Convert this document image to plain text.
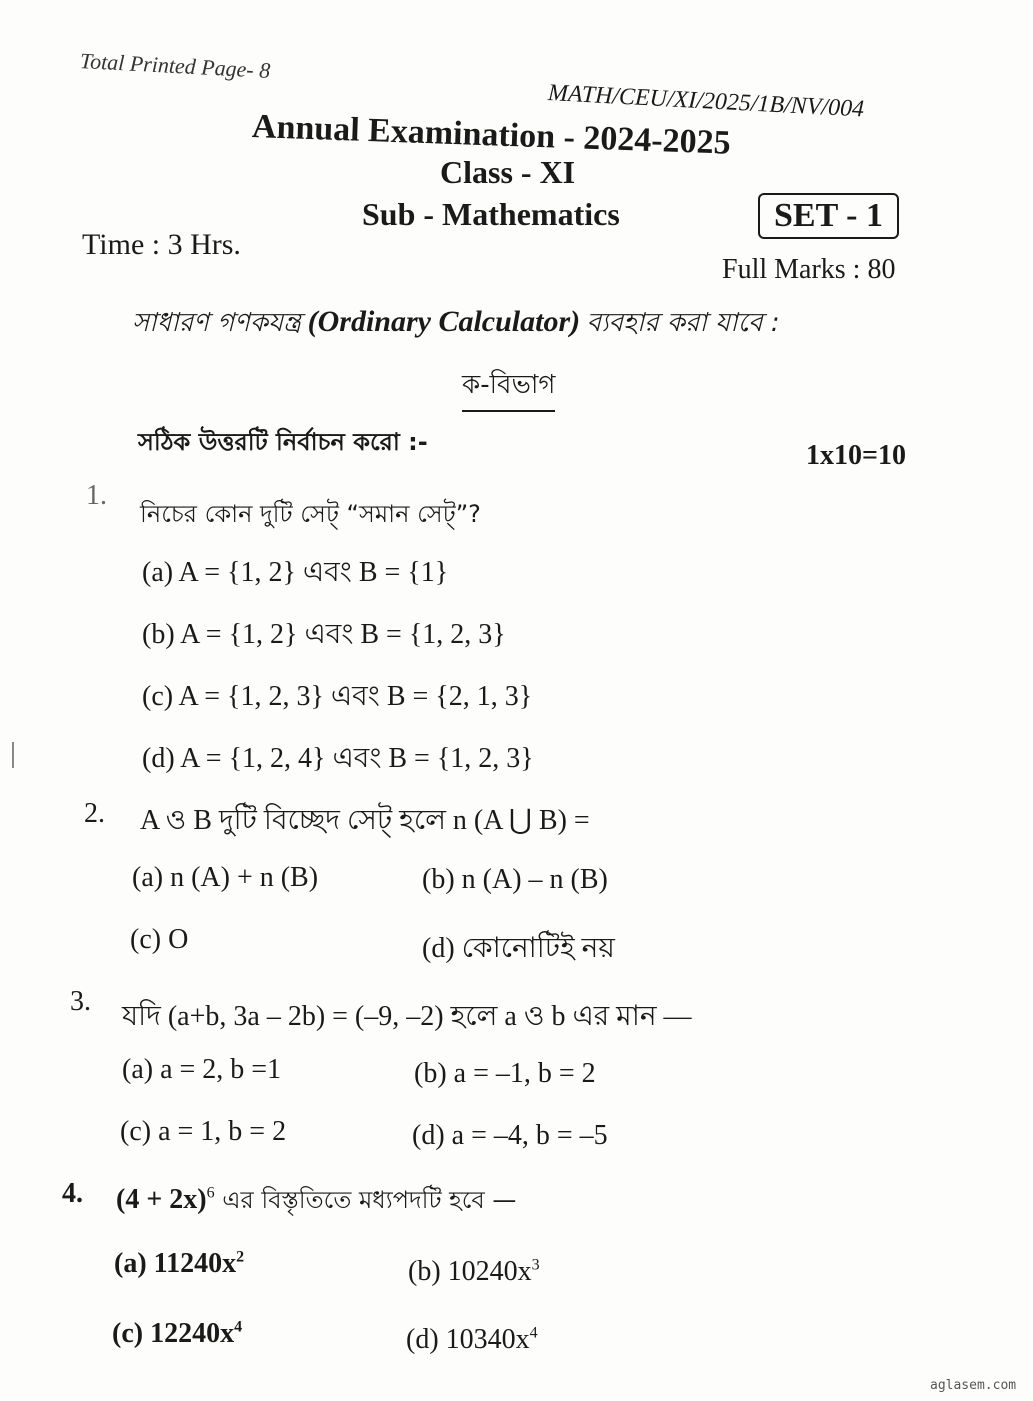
Total Printed Page- 8
MATH/CEU/XI/2025/1B/NV/004
Annual Examination - 2024-2025
Class - XI
Sub - Mathematics	SET - 1
Time : 3 Hrs.
Full Marks : 80
সাধারণ গণকযন্ত্র (Ordinary Calculator) ব্যবহার করা যাবে :
ক-বিভাগ
সঠিক উত্তরটি নির্বাচন করো :-	1x10=10
1.
নিচের কোন দুটি সেট্ “সমান সেট্”?
(a) A = {1, 2} এবং B = {1}
(b) A = {1, 2} এবং B = {1, 2, 3}
(c) A = {1, 2, 3} এবং B = {2, 1, 3}
(d) A = {1, 2, 4} এবং B = {1, 2, 3}
2. A ও B দুটি বিচ্ছেদ সেট্ হলে n (A ⋃ B) =
(a) n (A) + n (B)	(b) n (A) – n (B)
(c) O	(d) কোনোটিই নয়
3. যদি (a+b, 3a – 2b) = (–9, –2) হলে a ও b এর মান —
(a) a = 2, b =1	(b) a = –1, b = 2
(c) a = 1, b = 2	(d) a = –4, b = –5
4. $(4 + 2x)^6$ এর বিস্তৃতিতে মধ্যপদটি হবে —
(a) $11240x^2$	(b) $10240x^3$
(c) $12240x^4$	(d) $10340x^4$
aglasem.com
